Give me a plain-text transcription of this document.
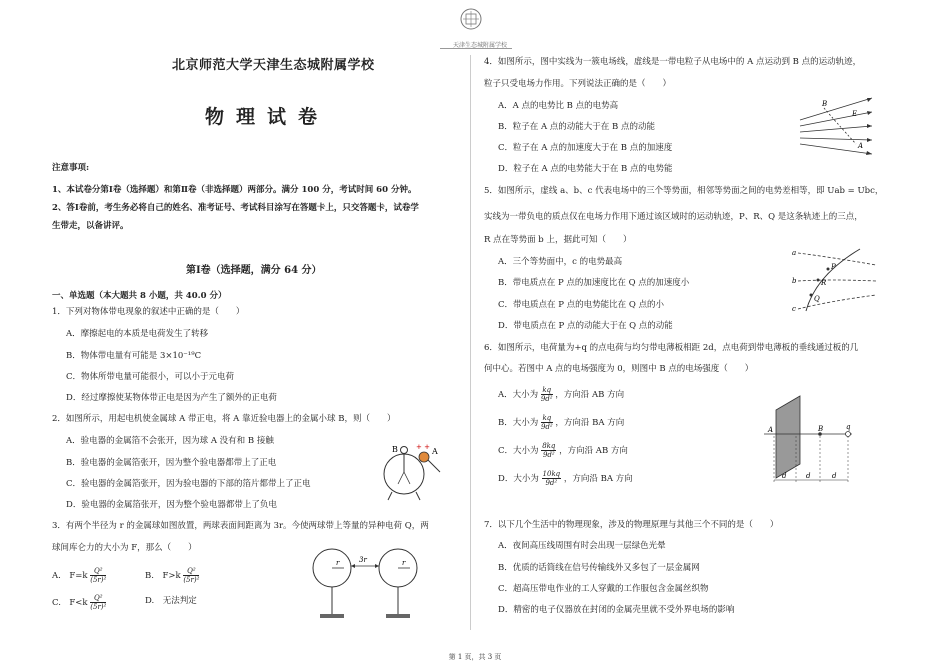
天津生态城附属学校
北京师范大学天津生态城附属学校
物理试卷
注意事项:
1、本试卷分第Ⅰ卷（选择题）和第Ⅱ卷（非选择题）两部分。满分 100 分，考试时间 60 分钟。
2、答Ⅰ卷前，考生务必将自己的姓名、准考证号、考试科目涂写在答题卡上，只交答题卡，试卷学
生带走，以备讲评。
第Ⅰ卷（选择题，满分 64 分）
一、单选题（本大题共 8 小题，共 40.0 分）
1．下列对物体带电现象的叙述中正确的是（　　）
A．摩擦起电的本质是电荷发生了转移
B．物体带电量有可能是 3×10⁻¹⁹C
C．物体所带电量可能很小，可以小于元电荷
D．经过摩擦使某物体带正电是因为产生了额外的正电荷
2．如图所示，用起电机使金属球 A 带正电，将 A 靠近验电器上的金属小球 B，则（　　）
A．验电器的金属箔不会张开，因为球 A 没有和 B 接触
B．验电器的金属箔张开，因为整个验电器都带上了正电
C．验电器的金属箔张开，因为验电器的下部的箔片都带上了正电
D．验电器的金属箔张开，因为整个验电器都带上了负电
+ +
B	A
3．有两个半径为 r 的金属球如图放置，两球表面间距离为 3r。今使两球带上等量的异种电荷 Q，两
球间库仑力的大小为 F，那么（　　）
A.　$F=k \frac{\text{Q²}}{\text{(5r)²}}$	B.　$F>k \frac{\text{Q²}}{\text{(5r)²}}$
C.　$F<k \frac{\text{Q²}}{\text{(5r)²}}$	D.　无法判定
r	3r	r
4．如图所示，图中实线为一簇电场线，虚线是一带电粒子从电场中的 A 点运动到 B 点的运动轨迹，
粒子只受电场力作用。下列说法正确的是（　　）
A．A 点的电势比 B 点的电势高
B．粒子在 A 点的动能大于在 B 点的动能
C．粒子在 A 点的加速度大于在 B 点的加速度
D．粒子在 A 点的电势能大于在 B 点的电势能
B
E
A
5．如图所示，虚线 a、b、c 代表电场中的三个等势面，相邻等势面之间的电势差相等，即 Uab = Ubc，
实线为一带负电的质点仅在电场力作用下通过该区域时的运动轨迹，P、R、Q 是这条轨迹上的三点，
R 点在等势面 b 上，据此可知（　　）
A．三个等势面中，c 的电势最高
B．带电质点在 P 点的加速度比在 Q 点的加速度小
C．带电质点在 P 点的电势能比在 Q 点的小
D．带电质点在 P 点的动能大于在 Q 点的动能
a
b
c
P
R
Q
6．如图所示，电荷量为+q 的点电荷与均匀带电薄板相距 2d，点电荷到带电薄板的垂线通过板的几
何中心。若图中 A 点的电场强度为 0，则图中 B 点的电场强度（　　）
A．大小为 $\frac{kq}{\text{9d²}}$ ，方向沿 AB 方向
B．大小为 $\frac{kq}{\text{9d²}}$ ，方向沿 BA 方向
C．大小为 $\frac{8kq}{\text{9d²}}$ ，方向沿 AB 方向
D．大小为 $\frac{10kq}{\text{9d²}}$ ，方向沿 BA 方向
A	B	q
d	d	d
7．以下几个生活中的物理现象，涉及的物理原理与其他三个不同的是（　　）
A．夜间高压线周围有时会出现一层绿色光晕
B．优质的话筒线在信号传输线外又多包了一层金属网
C．超高压带电作业的工人穿戴的工作服包含金属丝织物
D．精密的电子仪器放在封闭的金属壳里就不受外界电场的影响
第 1 页，共 3 页
